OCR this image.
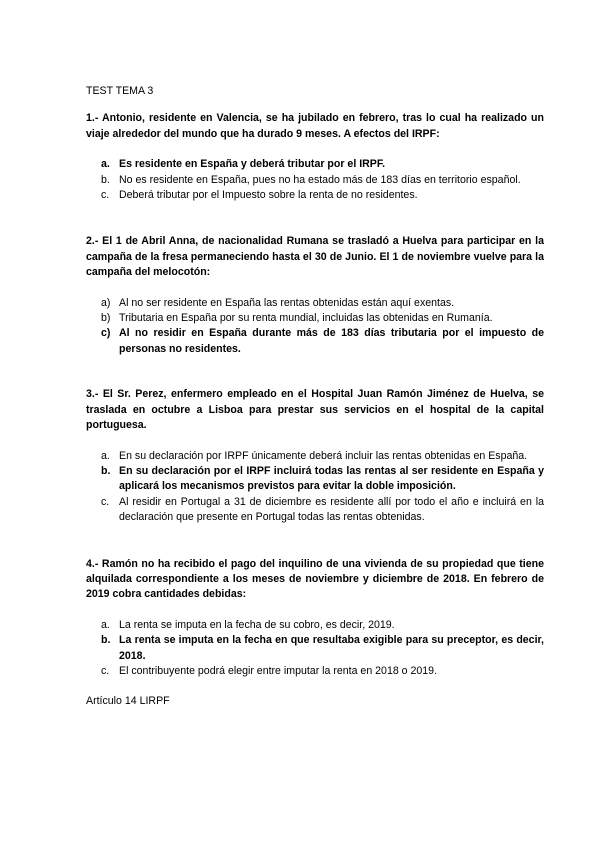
TEST TEMA 3

1.- Antonio, residente en Valencia, se ha jubilado en febrero, tras lo cual ha realizado un viaje alrededor del mundo que ha durado 9 meses. A efectos del IRPF:

a. Es residente en España y deberá tributar por el IRPF.
b. No es residente en España, pues no ha estado más de 183 días en territorio español.
c. Deberá tributar por el Impuesto sobre la renta de no residentes.

2.- El 1 de Abril Anna, de nacionalidad Rumana se trasladó a Huelva para participar en la campaña de la fresa permaneciendo hasta el 30 de Junio. El 1 de noviembre vuelve para la campaña del melocotón:

a) Al no ser residente en España las rentas obtenidas están aquí exentas.
b) Tributaria en España por su renta mundial, incluidas las obtenidas en Rumanía.
c) Al no residir en España durante más de 183 días tributaria por el impuesto de personas no residentes.

3.- El Sr. Perez, enfermero empleado en el Hospital Juan Ramón Jiménez de Huelva, se traslada en octubre a Lisboa para prestar sus servicios en el hospital de la capital portuguesa.

a. En su declaración por IRPF únicamente deberá incluir las rentas obtenidas en España.
b. En su declaración por el IRPF incluirá todas las rentas al ser residente en España y aplicará los mecanismos previstos para evitar la doble imposición.
c. Al residir en Portugal a 31 de diciembre es residente allí por todo el año e incluirá en la declaración que presente en Portugal todas las rentas obtenidas.

4.- Ramón no ha recibido el pago del inquilino de una vivienda de su propiedad que tiene alquilada correspondiente a los meses de noviembre y diciembre de 2018. En febrero de 2019 cobra cantidades debidas:

a. La renta se imputa en la fecha de su cobro, es decir, 2019.
b. La renta se imputa en la fecha en que resultaba exigible para su preceptor, es decir, 2018.
c. El contribuyente podrá elegir entre imputar la renta en 2018 o 2019.

Artículo 14 LIRPF
